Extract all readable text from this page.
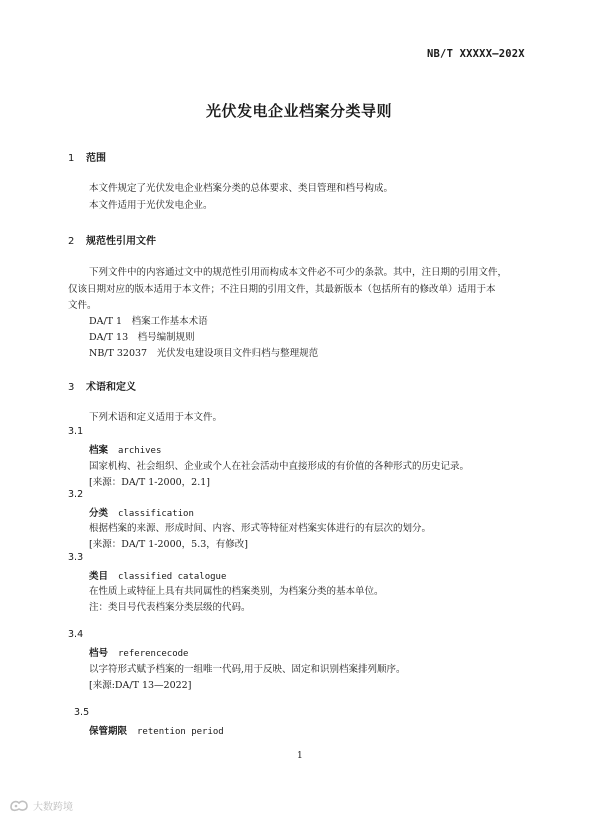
NB/T XXXXX—202X
光伏发电企业档案分类导则
1 范围
本文件规定了光伏发电企业档案分类的总体要求、类目管理和档号构成。
本文件适用于光伏发电企业。
2 规范性引用文件
下列文件中的内容通过文中的规范性引用而构成本文件必不可少的条款。其中，注日期的引用文件，
仅该日期对应的版本适用于本文件；不注日期的引用文件，其最新版本（包括所有的修改单）适用于本
文件。
DA/T 1　档案工作基本术语
DA/T 13　档号编制规则
NB/T 32037　光伏发电建设项目文件归档与整理规范
3 术语和定义
下列术语和定义适用于本文件。
3.1
档案 archives
国家机构、社会组织、企业或个人在社会活动中直接形成的有价值的各种形式的历史记录。
[来源：DA/T 1-2000，2.1]
3.2
分类 classification
根据档案的来源、形成时间、内容、形式等特征对档案实体进行的有层次的划分。
[来源：DA/T 1-2000，5.3，有修改]
3.3
类目 classified catalogue
在性质上或特征上具有共同属性的档案类别，为档案分类的基本单位。
注：类目号代表档案分类层级的代码。
3.4
档号 referencecode
以字符形式赋予档案的一组唯一代码,用于反映、固定和识别档案排列顺序。
[来源:DA/T 13—2022]
3.5
保管期限 retention period
1
大数跨境
